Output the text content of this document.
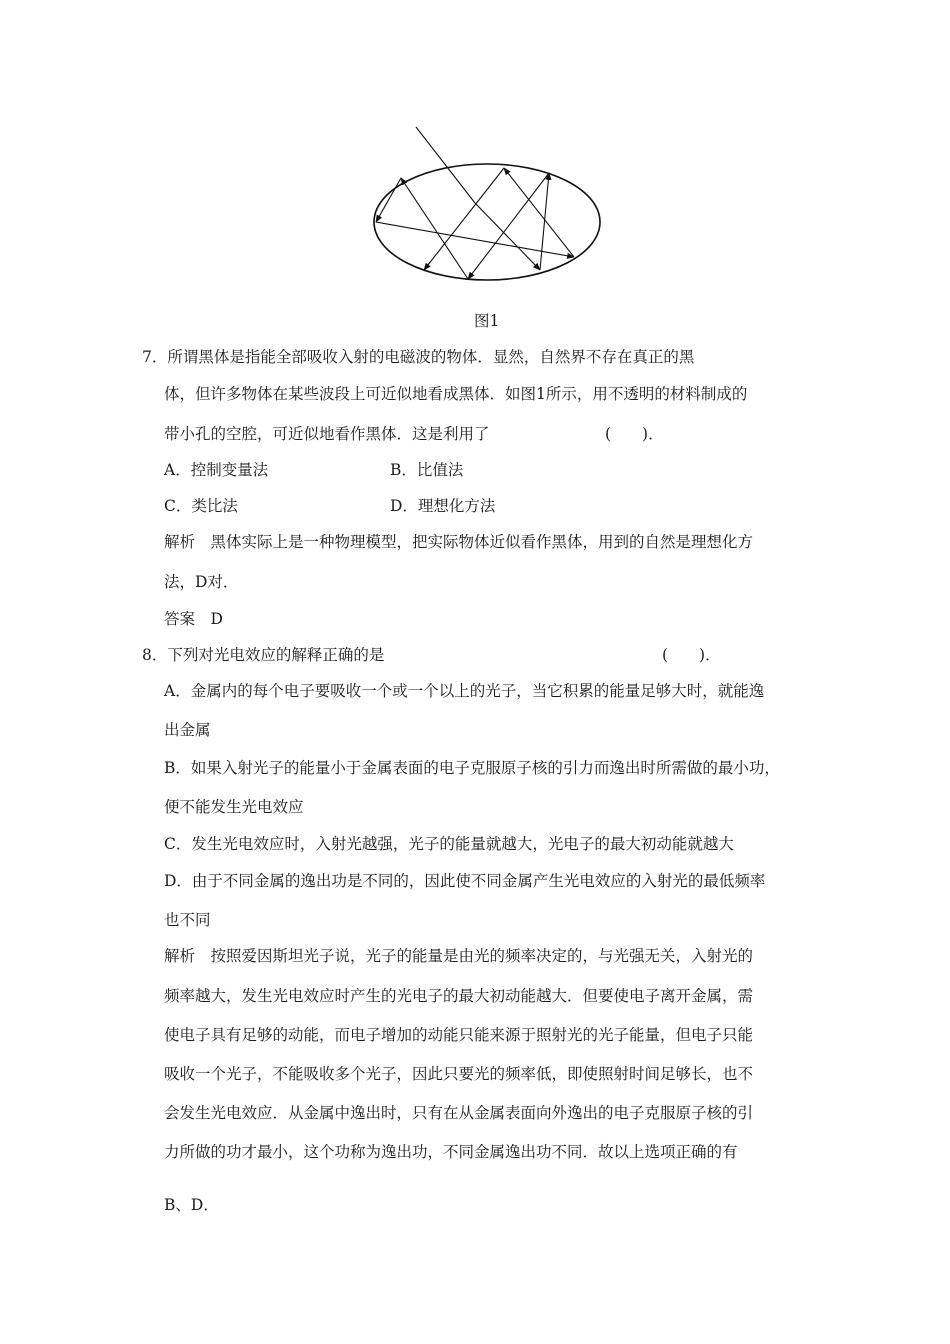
图1
7．所谓黑体是指能全部吸收入射的电磁波的物体．显然，自然界不存在真正的黑
体，但许多物体在某些波段上可近似地看成黑体．如图1所示，用不透明的材料制成的
带小孔的空腔，可近似地看作黑体．这是利用了	(　　)．
A．控制变量法	B．比值法
C．类比法	D．理想化方法
解析　黑体实际上是一种物理模型，把实际物体近似看作黑体，用到的自然是理想化方
法，D对．
答案　D
8．下列对光电效应的解释正确的是	(　　)．
A．金属内的每个电子要吸收一个或一个以上的光子，当它积累的能量足够大时，就能逸
出金属
B．如果入射光子的能量小于金属表面的电子克服原子核的引力而逸出时所需做的最小功，
便不能发生光电效应
C．发生光电效应时，入射光越强，光子的能量就越大，光电子的最大初动能就越大
D．由于不同金属的逸出功是不同的，因此使不同金属产生光电效应的入射光的最低频率
也不同
解析　按照爱因斯坦光子说，光子的能量是由光的频率决定的，与光强无关，入射光的
频率越大，发生光电效应时产生的光电子的最大初动能越大．但要使电子离开金属，需
使电子具有足够的动能，而电子增加的动能只能来源于照射光的光子能量，但电子只能
吸收一个光子，不能吸收多个光子，因此只要光的频率低，即使照射时间足够长，也不
会发生光电效应．从金属中逸出时，只有在从金属表面向外逸出的电子克服原子核的引
力所做的功才最小，这个功称为逸出功，不同金属逸出功不同．故以上选项正确的有
B、D．
